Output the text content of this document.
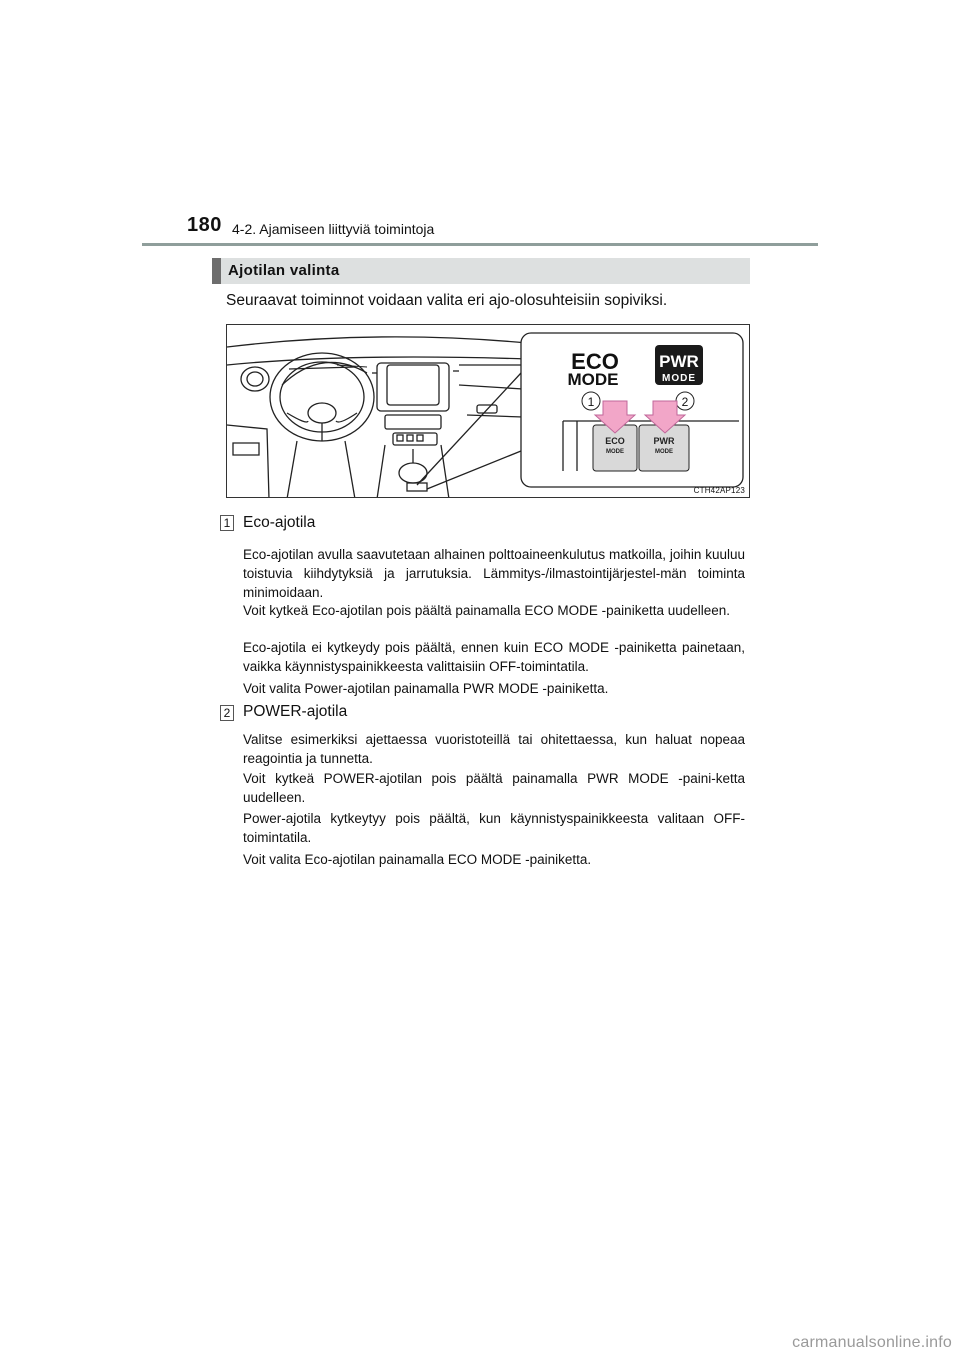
180 4-2. Ajamiseen liittyviä toimintoja
Ajotilan valinta
Seuraavat toiminnot voidaan valita eri ajo-olosuhteisiin sopiviksi.
ECO
MODE
PWR
MODE
1	2
ECO
MODE
PWR
MODE
CTH42AP123
1 Eco-ajotila
Eco-ajotilan avulla saavutetaan alhainen polttoaineenkulutus matkoilla, joihin kuuluu toistuvia kiihdytyksiä ja jarrutuksia. Lämmitys-/ilmastointijärjestel-män toiminta minimoidaan.
Voit kytkeä Eco-ajotilan pois päältä painamalla ECO MODE -painiketta uudelleen.
Eco-ajotila ei kytkeydy pois päältä, ennen kuin ECO MODE -painiketta painetaan, vaikka käynnistyspainikkeesta valittaisiin OFF-toimintatila.
Voit valita Power-ajotilan painamalla PWR MODE -painiketta.
2 POWER-ajotila
Valitse esimerkiksi ajettaessa vuoristoteillä tai ohitettaessa, kun haluat nopeaa reagointia ja tunnetta.
Voit kytkeä POWER-ajotilan pois päältä painamalla PWR MODE -paini-ketta uudelleen.
Power-ajotila kytkeytyy pois päältä, kun käynnistyspainikkeesta valitaan OFF-toimintatila.
Voit valita Eco-ajotilan painamalla ECO MODE -painiketta.
carmanualsonline.info
